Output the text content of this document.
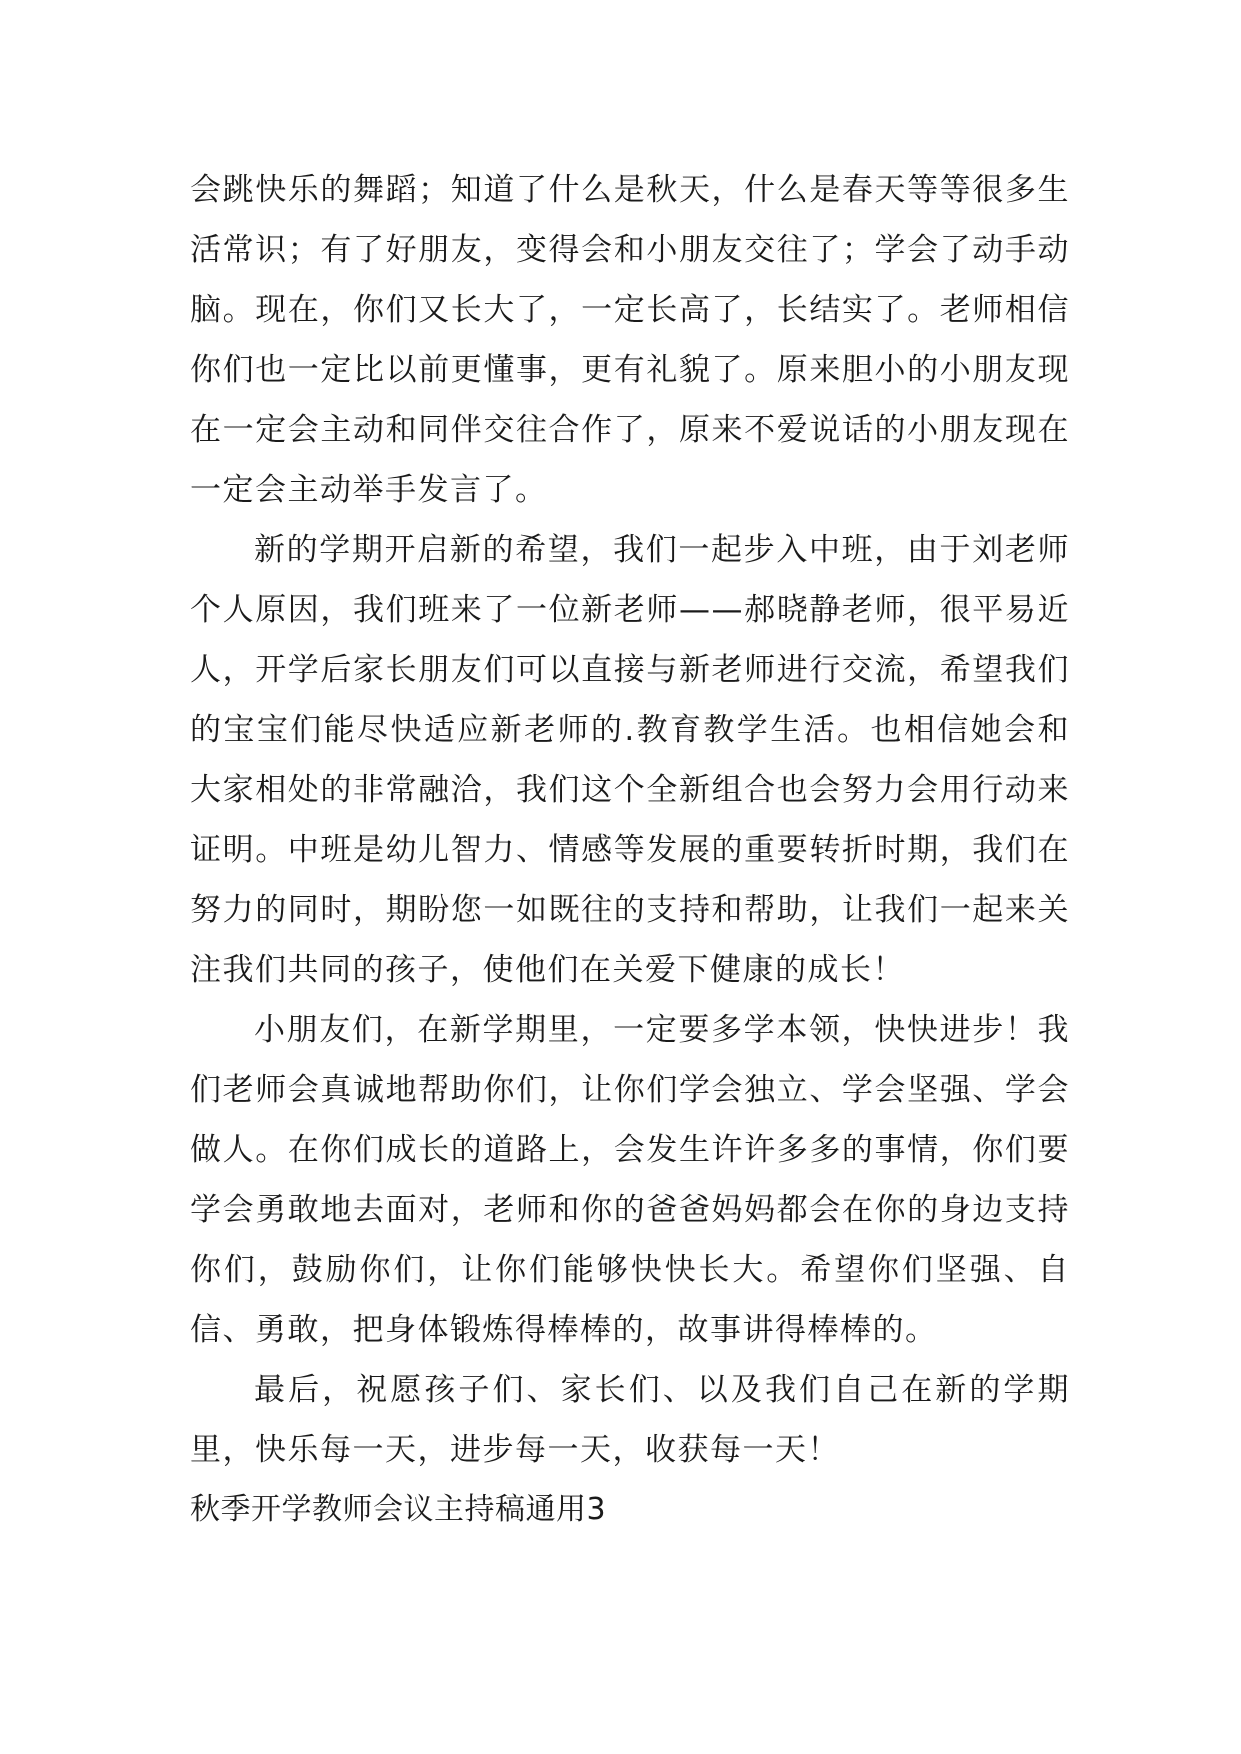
会跳快乐的舞蹈；知道了什么是秋天，什么是春天等等很多生活常识；有了好朋友，变得会和小朋友交往了；学会了动手动脑。现在，你们又长大了，一定长高了，长结实了。老师相信你们也一定比以前更懂事，更有礼貌了。原来胆小的小朋友现在一定会主动和同伴交往合作了，原来不爱说话的小朋友现在一定会主动举手发言了。

新的学期开启新的希望，我们一起步入中班，由于刘老师个人原因，我们班来了一位新老师——郝晓静老师，很平易近人，开学后家长朋友们可以直接与新老师进行交流，希望我们的宝宝们能尽快适应新老师的.教育教学生活。也相信她会和大家相处的非常融洽，我们这个全新组合也会努力会用行动来证明。中班是幼儿智力、情感等发展的重要转折时期，我们在努力的同时，期盼您一如既往的支持和帮助，让我们一起来关注我们共同的孩子，使他们在关爱下健康的成长！

小朋友们，在新学期里，一定要多学本领，快快进步！我们老师会真诚地帮助你们，让你们学会独立、学会坚强、学会做人。在你们成长的道路上，会发生许许多多的事情，你们要学会勇敢地去面对，老师和你的爸爸妈妈都会在你的身边支持你们，鼓励你们，让你们能够快快长大。希望你们坚强、自信、勇敢，把身体锻炼得棒棒的，故事讲得棒棒的。

最后，祝愿孩子们、家长们、以及我们自己在新的学期里，快乐每一天，进步每一天，收获每一天！

秋季开学教师会议主持稿通用3
